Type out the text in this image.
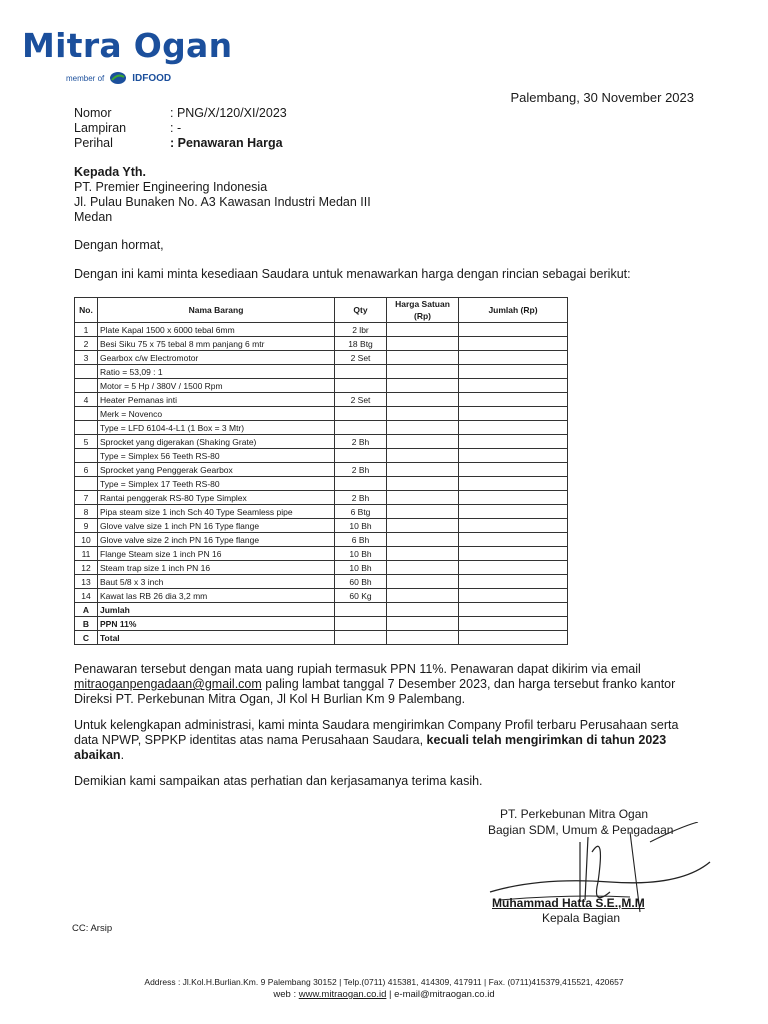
Mitra Ogan
member of	IDFOOD
Palembang, 30 November 2023
Nomor	: PNG/X/120/XI/2023
Lampiran	: -
Perihal	: Penawaran Harga
Kepada Yth.
PT. Premier Engineering Indonesia
Jl. Pulau Bunaken No. A3 Kawasan Industri Medan III
Medan
Dengan hormat,
Dengan ini kami minta kesediaan Saudara untuk menawarkan harga dengan rincian sebagai berikut:
No.	Nama Barang	Qty	Harga Satuan (Rp)	Jumlah (Rp)
1	Plate Kapal 1500 x 6000 tebal 6mm	2 lbr		
2	Besi Siku 75 x 75 tebal 8 mm panjang 6 mtr	18 Btg		
3	Gearbox c/w Electromotor	2 Set		
	Ratio = 53,09 : 1			
	Motor = 5 Hp / 380V / 1500 Rpm			
4	Heater Pemanas inti	2 Set		
	Merk = Novenco			
	Type = LFD 6104-4-L1 (1 Box = 3 Mtr)			
5	Sprocket yang digerakan (Shaking Grate)	2 Bh		
	Type = Simplex 56 Teeth RS-80			
6	Sprocket yang Penggerak Gearbox	2 Bh		
	Type = Simplex 17 Teeth RS-80			
7	Rantai penggerak RS-80 Type Simplex	2 Bh		
8	Pipa steam size 1 inch Sch 40 Type Seamless pipe	6 Btg		
9	Glove valve size 1 inch PN 16 Type flange	10 Bh		
10	Glove valve size 2 inch PN 16 Type flange	6 Bh		
11	Flange Steam size 1 inch PN 16	10 Bh		
12	Steam trap size 1 inch PN 16	10 Bh		
13	Baut 5/8 x 3 inch	60 Bh		
14	Kawat las RB 26 dia 3,2 mm	60 Kg		
A	Jumlah			
B	PPN 11%			
C	Total			
Penawaran tersebut dengan mata uang rupiah termasuk PPN 11%. Penawaran dapat dikirim via email
mitraoganpengadaan@gmail.com paling lambat tanggal 7 Desember 2023, dan harga tersebut franko kantor
Direksi PT. Perkebunan Mitra Ogan, Jl Kol H Burlian Km 9 Palembang.
Untuk kelengkapan administrasi, kami minta Saudara mengirimkan Company Profil terbaru Perusahaan serta
data NPWP, SPPKP identitas atas nama Perusahaan Saudara, kecuali telah mengirimkan di tahun 2023
abaikan.
Demikian kami sampaikan atas perhatian dan kerjasamanya terima kasih.
PT. Perkebunan Mitra Ogan
Bagian SDM, Umum & Pengadaan
Muhammad Hatta S.E.,M.M
Kepala Bagian
CC: Arsip
Address : Jl.Kol.H.Burlian.Km. 9 Palembang 30152 | Telp.(0711) 415381, 414309, 417911 | Fax. (0711)415379,415521, 420657
web : www.mitraogan.co.id | e-mail@mitraogan.co.id
